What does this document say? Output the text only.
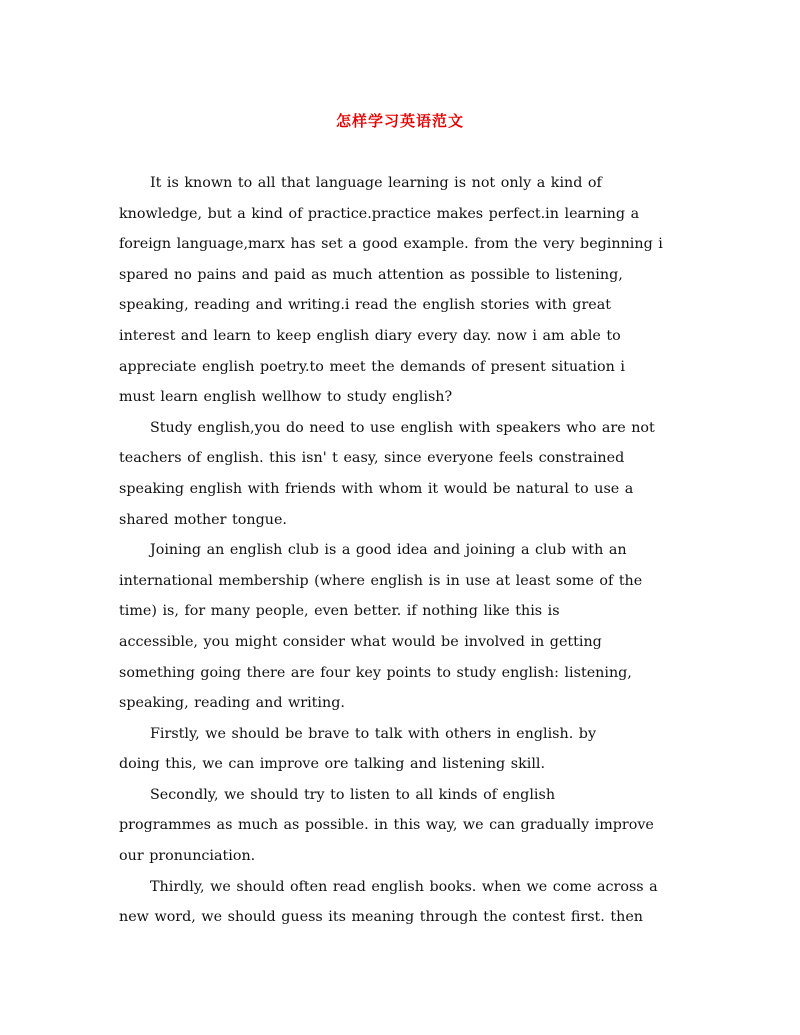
怎样学习英语范文

It is known to all that language learning is not only a kind of
knowledge, but a kind of practice.practice makes perfect.in learning a
foreign language,marx has set a good example. from the very beginning i
spared no pains and paid as much attention as possible to listening,
speaking, reading and writing.i read the english stories with great
interest and learn to keep english diary every day. now i am able to
appreciate english poetry.to meet the demands of present situation i
must learn english wellhow to study english?

Study english,you do need to use english with speakers who are not
teachers of english. this isn' t easy, since everyone feels constrained
speaking english with friends with whom it would be natural to use a
shared mother tongue.

Joining an english club is a good idea and joining a club with an
international membership (where english is in use at least some of the
time) is, for many people, even better. if nothing like this is
accessible, you might consider what would be involved in getting
something going there are four key points to study english: listening,
speaking, reading and writing.

Firstly, we should be brave to talk with others in english. by
doing this, we can improve ore talking and listening skill.

Secondly, we should try to listen to all kinds of english
programmes as much as possible. in this way, we can gradually improve
our pronunciation.

Thirdly, we should often read english books. when we come across a
new word, we should guess its meaning through the contest first. then
